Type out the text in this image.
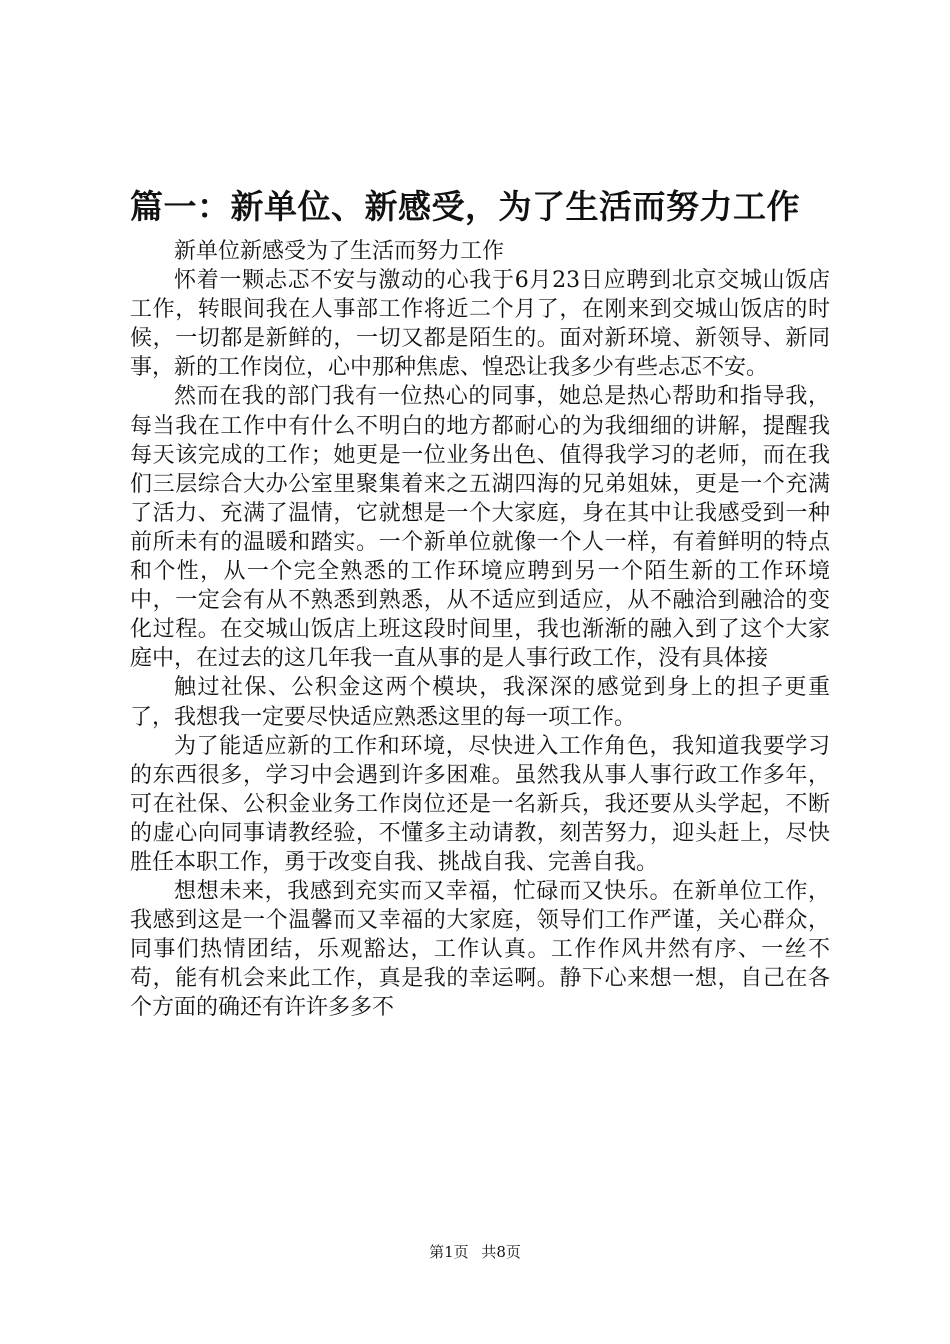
篇一：新单位、新感受，为了生活而努力工作

新单位新感受为了生活而努力工作

怀着一颗忐忑不安与激动的心我于6月23日应聘到北京交城山饭店工作，转眼间我在人事部工作将近二个月了，在刚来到交城山饭店的时候，一切都是新鲜的，一切又都是陌生的。面对新环境、新领导、新同事，新的工作岗位，心中那种焦虑、惶恐让我多少有些忐忑不安。

然而在我的部门我有一位热心的同事，她总是热心帮助和指导我，每当我在工作中有什么不明白的地方都耐心的为我细细的讲解，提醒我每天该完成的工作；她更是一位业务出色、值得我学习的老师，而在我们三层综合大办公室里聚集着来之五湖四海的兄弟姐妹，更是一个充满了活力、充满了温情，它就想是一个大家庭，身在其中让我感受到一种前所未有的温暖和踏实。一个新单位就像一个人一样，有着鲜明的特点和个性，从一个完全熟悉的工作环境应聘到另一个陌生新的工作环境中，一定会有从不熟悉到熟悉，从不适应到适应，从不融洽到融洽的变化过程。在交城山饭店上班这段时间里，我也渐渐的融入到了这个大家庭中，在过去的这几年我一直从事的是人事行政工作，没有具体接

触过社保、公积金这两个模块，我深深的感觉到身上的担子更重了，我想我一定要尽快适应熟悉这里的每一项工作。

为了能适应新的工作和环境，尽快进入工作角色，我知道我要学习的东西很多，学习中会遇到许多困难。虽然我从事人事行政工作多年，可在社保、公积金业务工作岗位还是一名新兵，我还要从头学起，不断的虚心向同事请教经验，不懂多主动请教，刻苦努力，迎头赶上，尽快胜任本职工作，勇于改变自我、挑战自我、完善自我。

想想未来，我感到充实而又幸福，忙碌而又快乐。在新单位工作，我感到这是一个温馨而又幸福的大家庭，领导们工作严谨，关心群众，同事们热情团结，乐观豁达，工作认真。工作作风井然有序、一丝不苟，能有机会来此工作，真是我的幸运啊。静下心来想一想，自己在各个方面的确还有许许多多不

第1页 共8页
